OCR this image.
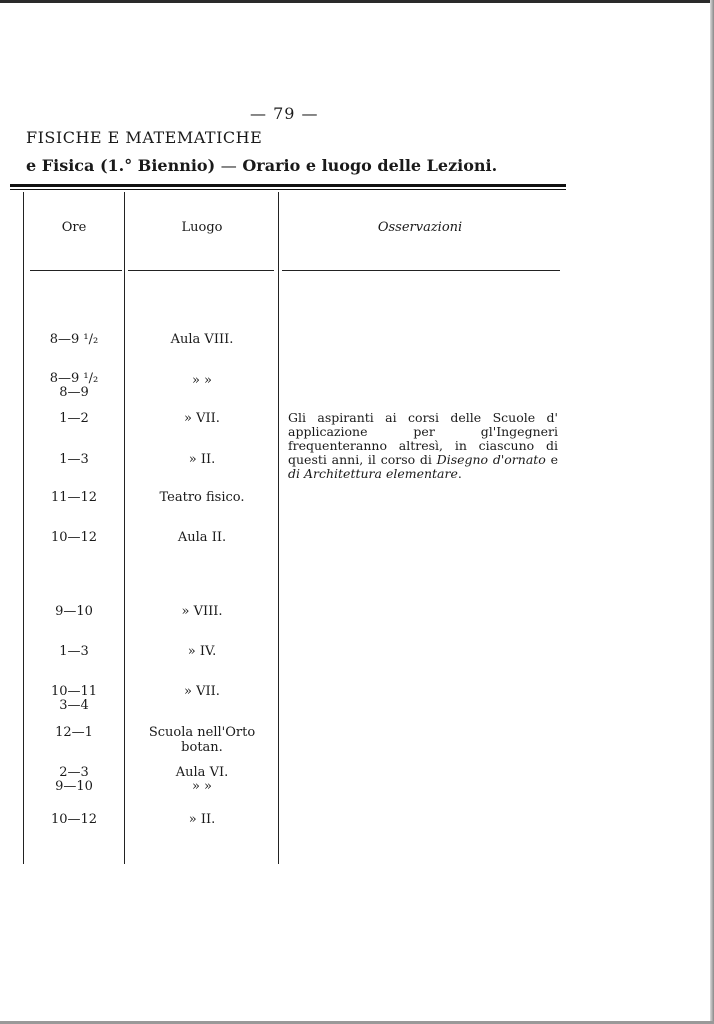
— 79 —
FISICHE E MATEMATICHE
e Fisica (1.° Biennio) — Orario e luogo delle Lezioni.
Ore	Luogo	Osservazioni
8—9 ¹/₂
8—9 ¹/₂
8—9
1—2
1—3
11—12
10—12
9—10
1—3
10—11
3—4
12—1
2—3
9—10
10—12
Aula VIII.
» »
» VII.
» II.
Teatro fisico.
Aula II.
» VIII.
» IV.
» VII.
Scuola nell'Orto botan.
Aula VI.
» »
» II.
Gli aspiranti ai corsi delle Scuole d' applicazione per gl'Ingegneri frequenteranno altresì, in ciascuno di questi anni, il corso di Disegno d'ornato e di Architettura elementare.
